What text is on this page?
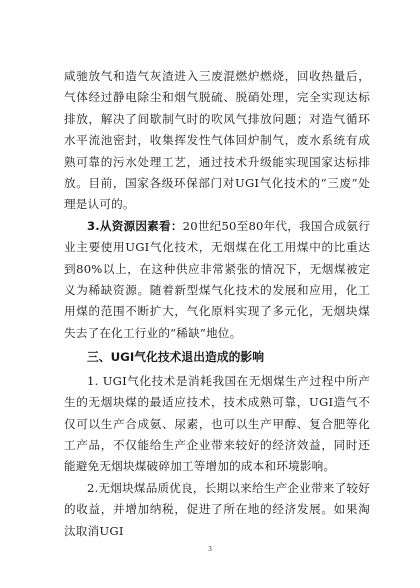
咸驰放气和造气灰渣进入三废混燃炉燃烧，回收热量后，气体经过静电除尘和烟气脱硫、脱硝处理，完全实现达标排放，解决了间歇制气时的吹风气排放问题；对造气循环水平流池密封，收集挥发性气体回炉制气，废水系统有成熟可靠的污水处理工艺，通过技术升级能实现国家达标排放。目前，国家各级环保部门对UGI气化技术的“三废”处理是认可的。

3.从资源因素看：20世纪50至80年代，我国合成氨行业主要使用UGI气化技术，无烟煤在化工用煤中的比重达到80%以上，在这种供应非常紧张的情况下，无烟煤被定义为稀缺资源。随着新型煤气化技术的发展和应用，化工用煤的范围不断扩大，气化原料实现了多元化，无烟块煤失去了在化工行业的“稀缺”地位。

三、UGI气化技术退出造成的影响

1. UGI气化技术是消耗我国在无烟煤生产过程中所产生的无烟块煤的最适应技术，技术成熟可靠，UGI造气不仅可以生产合成氨、尿素，也可以生产甲醇、复合肥等化工产品，不仅能给生产企业带来较好的经济效益，同时还能避免无烟块煤破碎加工等增加的成本和环境影响。

2.无烟块煤品质优良，长期以来给生产企业带来了较好的收益，并增加纳税，促进了所在地的经济发展。如果淘汰取消UGI

3
